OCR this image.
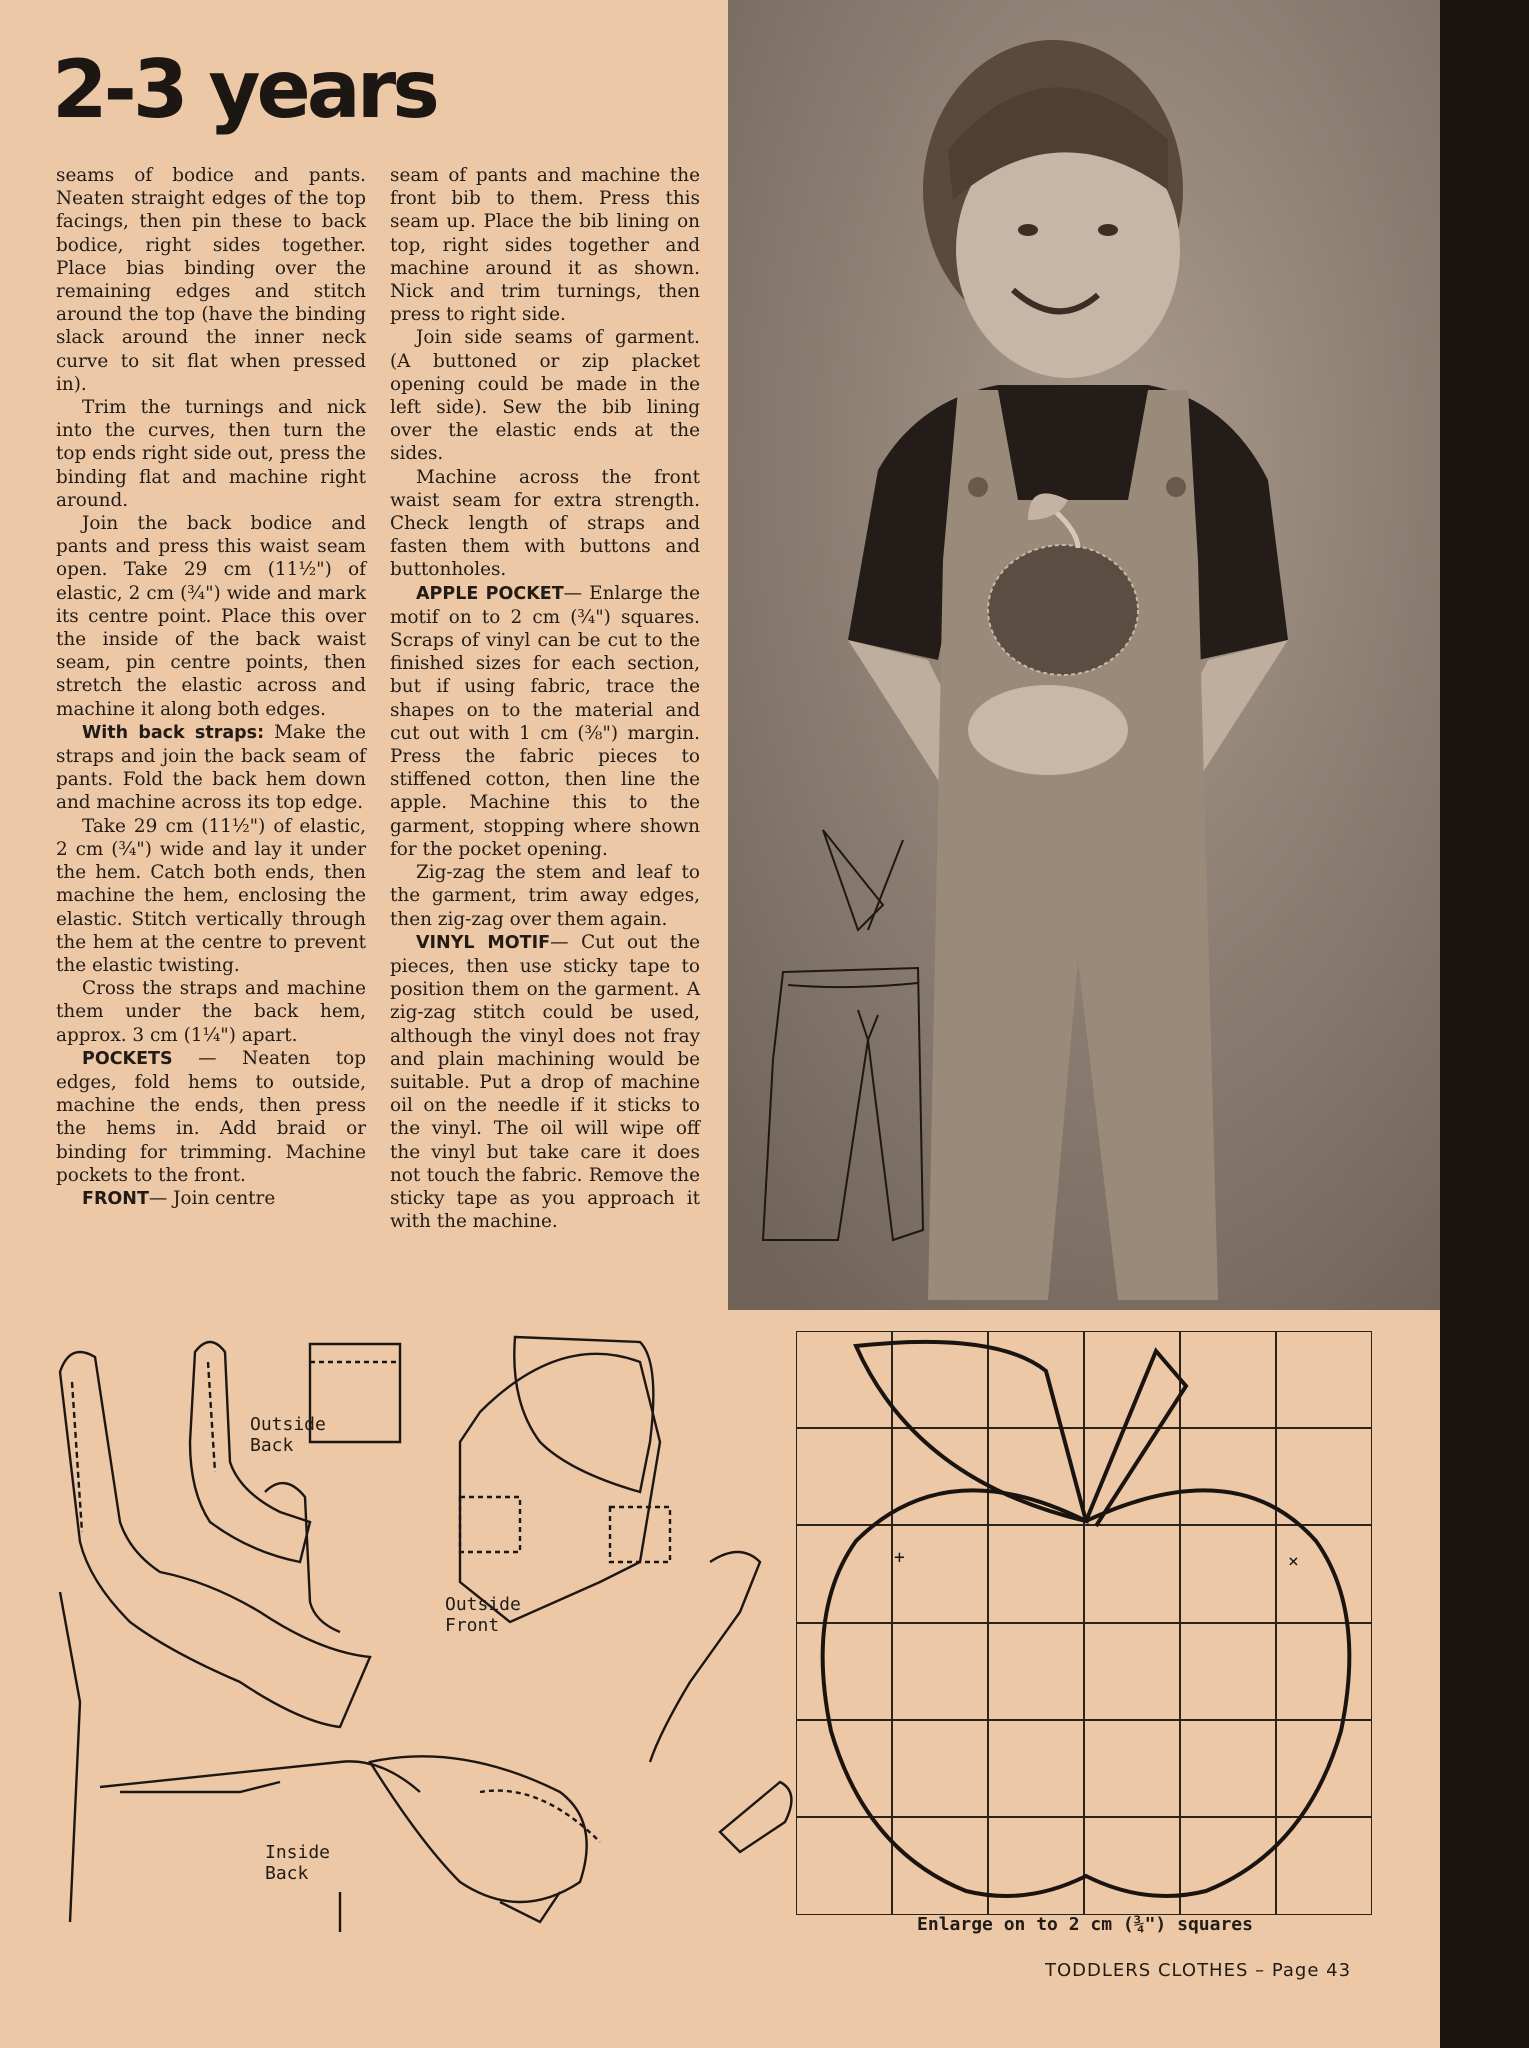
2-3 years

seams of bodice and pants. Neaten straight edges of the top facings, then pin these to back bodice, right sides together. Place bias binding over the remaining edges and stitch around the top (have the binding slack around the inner neck curve to sit flat when pressed in).

Trim the turnings and nick into the curves, then turn the top ends right side out, press the binding flat and machine right around.

Join the back bodice and pants and press this waist seam open. Take 29 cm (11½") of elastic, 2 cm (¾") wide and mark its centre point. Place this over the inside of the back waist seam, pin centre points, then stretch the elastic across and machine it along both edges.

With back straps: Make the straps and join the back seam of pants. Fold the back hem down and machine across its top edge.

Take 29 cm (11½") of elastic, 2 cm (¾") wide and lay it under the hem. Catch both ends, then machine the hem, enclosing the elastic. Stitch vertically through the hem at the centre to prevent the elastic twisting.

Cross the straps and machine them under the back hem, approx. 3 cm (1¼") apart.

POCKETS — Neaten top edges, fold hems to outside, machine the ends, then press the hems in. Add braid or binding for trimming. Machine pockets to the front.

FRONT— Join centre

seam of pants and machine the front bib to them. Press this seam up. Place the bib lining on top, right sides together and machine around it as shown. Nick and trim turnings, then press to right side.

Join side seams of garment. (A buttoned or zip placket opening could be made in the left side). Sew the bib lining over the elastic ends at the sides.

Machine across the front waist seam for extra strength. Check length of straps and fasten them with buttons and buttonholes.

APPLE POCKET— Enlarge the motif on to 2 cm (¾") squares. Scraps of vinyl can be cut to the finished sizes for each section, but if using fabric, trace the shapes on to the material and cut out with 1 cm (⅜") margin. Press the fabric pieces to stiffened cotton, then line the apple. Machine this to the garment, stopping where shown for the pocket opening.

Zig-zag the stem and leaf to the garment, trim away edges, then zig-zag over them again.

VINYL MOTIF— Cut out the pieces, then use sticky tape to position them on the garment. A zig-zag stitch could be used, although the vinyl does not fray and plain machining would be suitable. Put a drop of machine oil on the needle if it sticks to the vinyl. The oil will wipe off the vinyl but take care it does not touch the fabric. Remove the sticky tape as you approach it with the machine.

Outside
Back
Outside
Front
Inside
Back
+	×
Enlarge on to 2 cm (¾") squares
TODDLERS CLOTHES – Page 43
